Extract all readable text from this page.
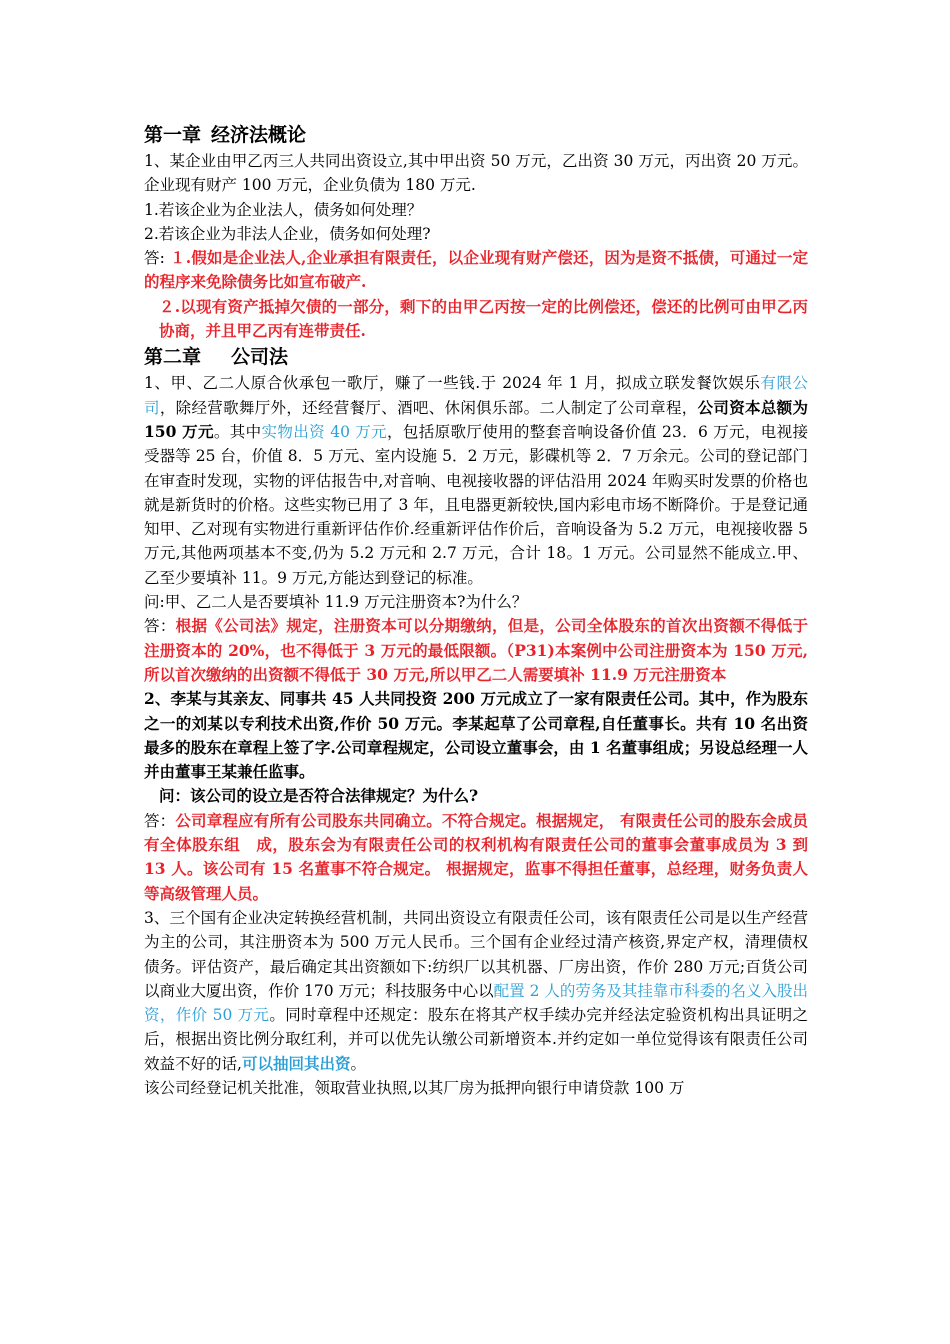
第一章 经济法概论

1、某企业由甲乙丙三人共同出资设立,其中甲出资 50 万元，乙出资 30 万元，丙出资 20 万元。企业现有财产 100 万元，企业负债为 180 万元.

1.若该企业为企业法人，债务如何处理？

2.若该企业为非法人企业，债务如何处理?

答: １.假如是企业法人,企业承担有限责任，以企业现有财产偿还，因为是资不抵债，可通过一定的程序来免除债务比如宣布破产.

２.以现有资产抵掉欠债的一部分，剩下的由甲乙丙按一定的比例偿还，偿还的比例可由甲乙丙协商，并且甲乙丙有连带责任.

第二章 公司法

1、甲、乙二人原合伙承包一歌厅，赚了一些钱.于 2024 年 1 月，拟成立联发餐饮娱乐有限公司，除经营歌舞厅外，还经营餐厅、酒吧、休闲俱乐部。二人制定了公司章程，公司资本总额为 150 万元。其中实物出资 40 万元，包括原歌厅使用的整套音响设备价值 23．6 万元，电视接受器等 25 台，价值 8．5 万元、室内设施 5．2 万元，影碟机等 2．7 万余元。公司的登记部门在审查时发现，实物的评估报告中,对音响、电视接收器的评估沿用 2024 年购买时发票的价格也就是新货时的价格。这些实物已用了 3 年，且电器更新较快,国内彩电市场不断降价。于是登记通知甲、乙对现有实物进行重新评估作价.经重新评估作价后，音响设备为 5.2 万元，电视接收器 5 万元,其他两项基本不变,仍为 5.2 万元和 2.7 万元，合计 18。1 万元。公司显然不能成立.甲、乙至少要填补 11。9 万元,方能达到登记的标准。

问:甲、乙二人是否要填补 11.9 万元注册资本?为什么？

答：根据《公司法》规定，注册资本可以分期缴纳，但是，公司全体股东的首次出资额不得低于注册资本的 20%，也不得低于 3 万元的最低限额。（P31)本案例中公司注册资本为 150 万元,所以首次缴纳的出资额不得低于 30 万元,所以甲乙二人需要填补 11.9 万元注册资本

2、李某与其亲友、同事共 45 人共同投资 200 万元成立了一家有限责任公司。其中，作为股东之一的刘某以专利技术出资,作价 50 万元。李某起草了公司章程,自任董事长。共有 10 名出资最多的股东在章程上签了字.公司章程规定，公司设立董事会，由 1 名董事组成；另设总经理一人并由董事王某兼任监事。

问：该公司的设立是否符合法律规定？为什么?

答：公司章程应有所有公司股东共同确立。不符合规定。根据规定， 有限责任公司的股东会成员有全体股东组　成，股东会为有限责任公司的权利机构有限责任公司的董事会董事成员为 3 到 13 人。该公司有 15 名董事不符合规定。 根据规定，监事不得担任董事，总经理，财务负责人等高级管理人员。

3、三个国有企业决定转换经营机制，共同出资设立有限责任公司，该有限责任公司是以生产经营为主的公司，其注册资本为 500 万元人民币。三个国有企业经过清产核资,界定产权，清理债权债务。评估资产，最后确定其出资额如下:纺织厂以其机器、厂房出资，作价 280 万元;百货公司以商业大厦出资，作价 170 万元；科技服务中心以配置 2 人的劳务及其挂靠市科委的名义入股出资，作价 50 万元。同时章程中还规定：股东在将其产权手续办完并经法定验资机构出具证明之后，根据出资比例分取红利，并可以优先认缴公司新增资本.并约定如一单位觉得该有限责任公司效益不好的话,可以抽回其出资。

该公司经登记机关批准，领取营业执照,以其厂房为抵押向银行申请贷款 100 万
